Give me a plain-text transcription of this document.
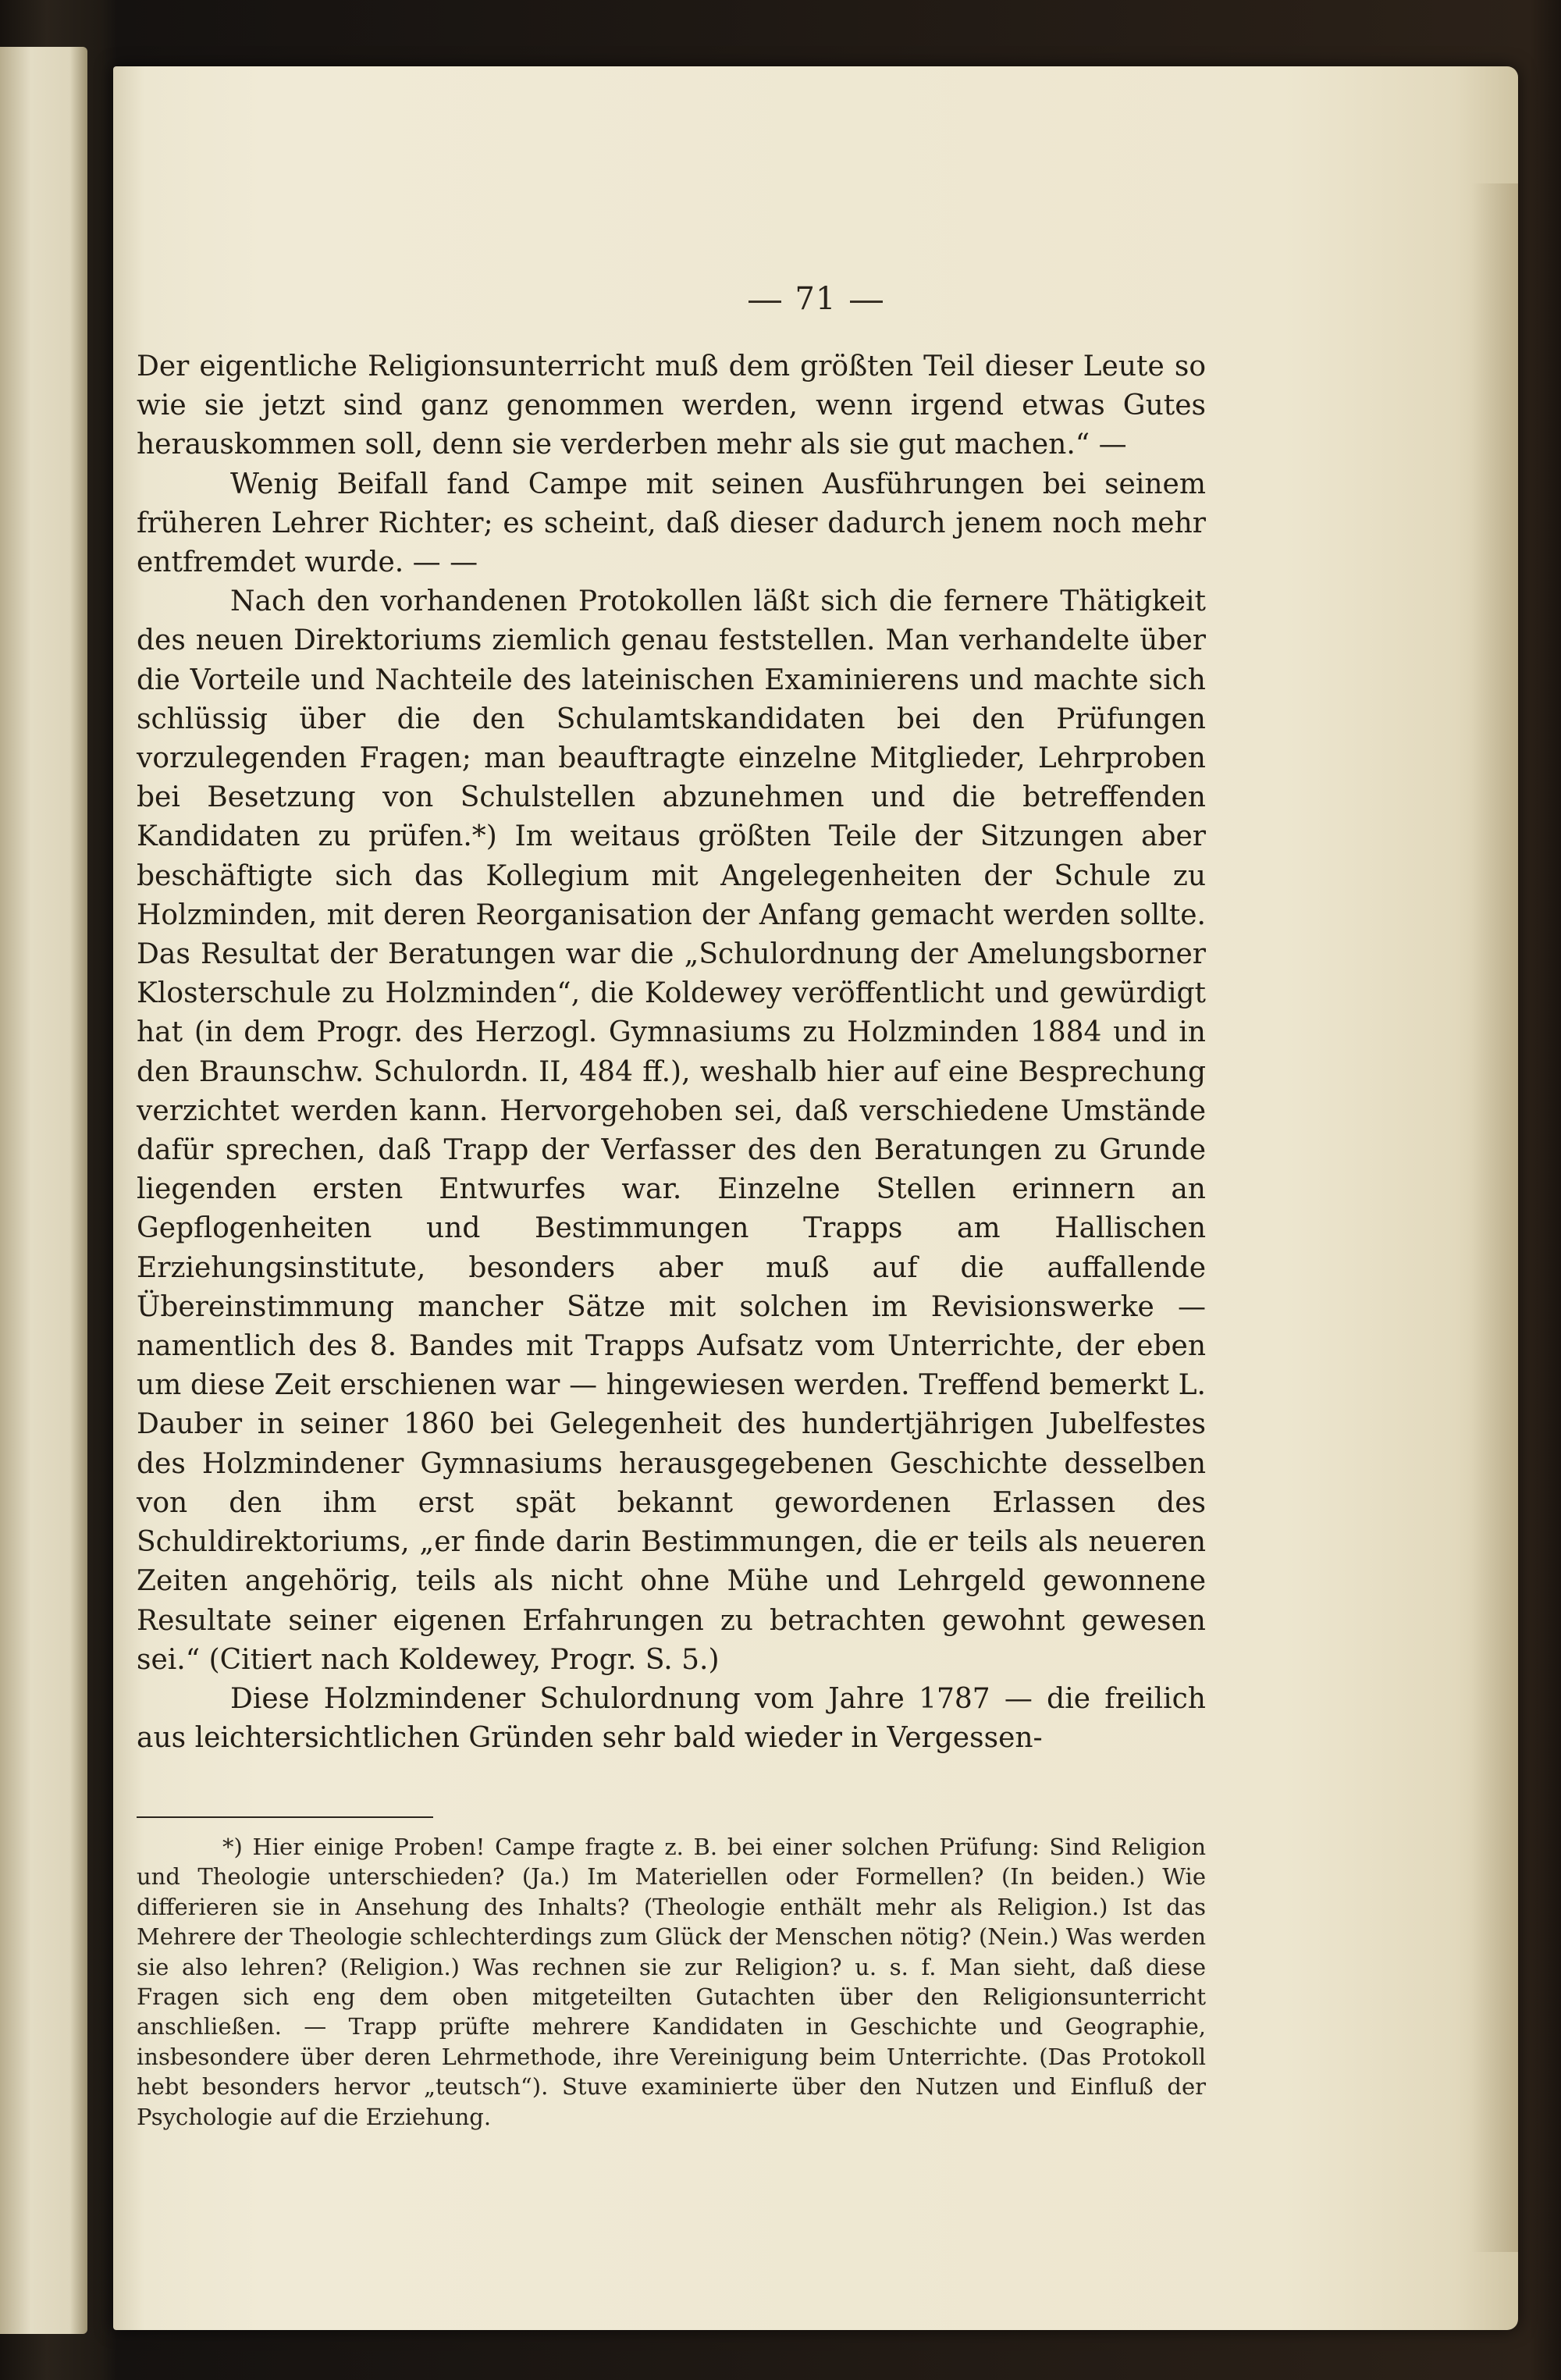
71

Der eigentliche Religionsunterricht muß dem größten Teil dieser Leute so wie sie jetzt sind ganz genommen werden, wenn irgend etwas Gutes herauskommen soll, denn sie verderben mehr als sie gut machen.“ —

Wenig Beifall fand Campe mit seinen Ausführungen bei seinem früheren Lehrer Richter; es scheint, daß dieser dadurch jenem noch mehr entfremdet wurde. — —

Nach den vorhandenen Protokollen läßt sich die fernere Thätigkeit des neuen Direktoriums ziemlich genau feststellen. Man verhandelte über die Vorteile und Nachteile des lateinischen Examinierens und machte sich schlüssig über die den Schulamtskandidaten bei den Prüfungen vorzulegenden Fragen; man beauftragte einzelne Mitglieder, Lehrproben bei Besetzung von Schulstellen abzunehmen und die betreffenden Kandidaten zu prüfen.*) Im weitaus größten Teile der Sitzungen aber beschäftigte sich das Kollegium mit Angelegenheiten der Schule zu Holzminden, mit deren Reorganisation der Anfang gemacht werden sollte. Das Resultat der Beratungen war die „Schulordnung der Amelungsborner Klosterschule zu Holzminden“, die Koldewey veröffentlicht und gewürdigt hat (in dem Progr. des Herzogl. Gymnasiums zu Holzminden 1884 und in den Braunschw. Schulordn. II, 484 ff.), weshalb hier auf eine Besprechung verzichtet werden kann. Hervorgehoben sei, daß verschiedene Umstände dafür sprechen, daß Trapp der Verfasser des den Beratungen zu Grunde liegenden ersten Entwurfes war. Einzelne Stellen erinnern an Gepflogenheiten und Bestimmungen Trapps am Hallischen Erziehungsinstitute, besonders aber muß auf die auffallende Übereinstimmung mancher Sätze mit solchen im Revisionswerke — namentlich des 8. Bandes mit Trapps Aufsatz vom Unterrichte, der eben um diese Zeit erschienen war — hingewiesen werden. Treffend bemerkt L. Dauber in seiner 1860 bei Gelegenheit des hundertjährigen Jubelfestes des Holzmindener Gymnasiums herausgegebenen Geschichte desselben von den ihm erst spät bekannt gewordenen Erlassen des Schuldirektoriums, „er finde darin Bestimmungen, die er teils als neueren Zeiten angehörig, teils als nicht ohne Mühe und Lehrgeld gewonnene Resultate seiner eigenen Erfahrungen zu betrachten gewohnt gewesen sei.“ (Citiert nach Koldewey, Progr. S. 5.)

Diese Holzmindener Schulordnung vom Jahre 1787 — die freilich aus leichtersichtlichen Gründen sehr bald wieder in Vergessen-

*) Hier einige Proben! Campe fragte z. B. bei einer solchen Prüfung: Sind Religion und Theologie unterschieden? (Ja.) Im Materiellen oder Formellen? (In beiden.) Wie differieren sie in Ansehung des Inhalts? (Theologie enthält mehr als Religion.) Ist das Mehrere der Theologie schlechterdings zum Glück der Menschen nötig? (Nein.) Was werden sie also lehren? (Religion.) Was rechnen sie zur Religion? u. s. f. Man sieht, daß diese Fragen sich eng dem oben mitgeteilten Gutachten über den Religionsunterricht anschließen. — Trapp prüfte mehrere Kandidaten in Geschichte und Geographie, insbesondere über deren Lehrmethode, ihre Vereinigung beim Unterrichte. (Das Protokoll hebt besonders hervor „teutsch“). Stuve examinierte über den Nutzen und Einfluß der Psychologie auf die Erziehung.
